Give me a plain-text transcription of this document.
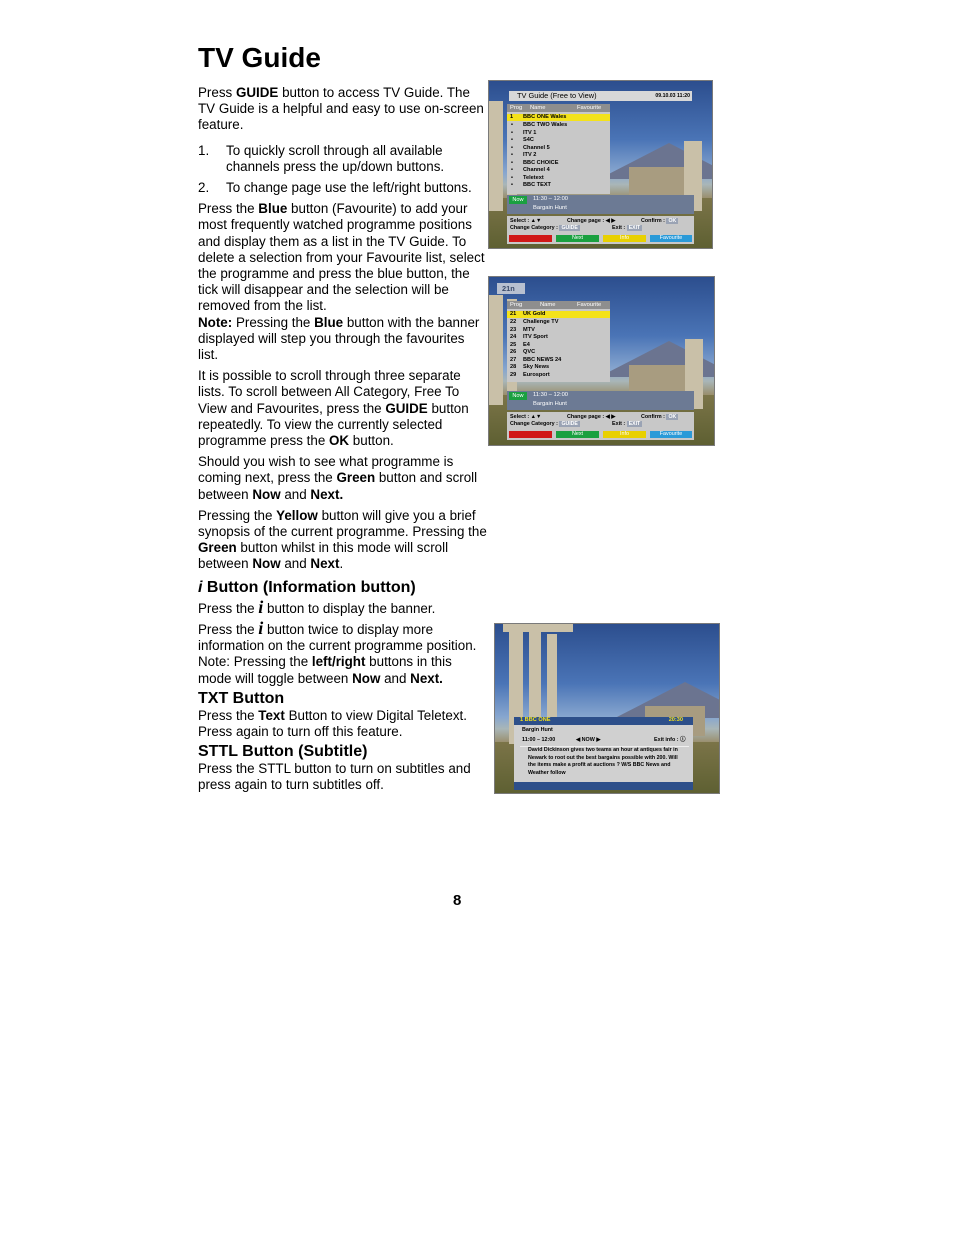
TV Guide

Press GUIDE button to access TV Guide. The TV Guide is a helpful and easy to use on-screen feature.

1. To quickly scroll through all available channels press the up/down buttons.
2. To change page use the left/right buttons.

Press the Blue button (Favourite) to add your most frequently watched programme positions and display them as a list in the TV Guide. To delete a selection from your Favourite list, select the programme and press the blue button, the tick will disappear and the selection will be removed from the list.
Note: Pressing the Blue button with the banner displayed will step you through the favourites list.

It is possible to scroll through three separate lists. To scroll between All Category, Free To View and Favourites, press the GUIDE button repeatedly. To view the currently selected programme press the OK button.

Should you wish to see what programme is coming next, press the Green button and scroll between Now and Next.

Pressing the Yellow button will give you a brief synopsis of the current programme. Pressing the Green button whilst in this mode will scroll between Now and Next.

i Button (Information button)

Press the i button to display the banner.

Press the i button twice to display more information on the current programme position.

Note: Pressing the left/right buttons in this mode will toggle between Now and Next.

TXT Button

Press the Text Button to view Digital Teletext. Press again to turn off this feature.

STTL Button (Subtitle)

Press the STTL button to turn on subtitles and press again to turn subtitles off.

8
TV Guide (Free to View)	09.10.03 11:20
Prog Name	Favourite
1 BBC ONE Wales
• BBC TWO Wales
• ITV 1
• S4C
• Channel 5
• ITV 2
• BBC CHOICE
• Channel 4
• Teletext
• BBC TEXT
Now	11:30 – 12:00
Bargain Hunt
Select : ▲▼	Change page : ◀ ▶	Confirm : OK
Change Category : GUIDE	Exit : EXIT
Next	Info	Favourite
21n
Prog	Name	Favourite
21 UK Gold
22 Challenge TV
23 MTV
24 ITV Sport
25 E4
26 QVC
27 BBC NEWS 24
28 Sky News
29 Eurosport
Now	11:30 – 12:00
Bargain Hunt
Select : ▲▼	Change page : ◀ ▶	Confirm : OK
Change Category : GUIDE	Exit : EXIT
Next	Info	Favourite
1 BBC ONE	20:30
Bargin Hunt
11:00 – 12:00	◀ NOW ▶	Exit info : ⓘ
David Dickinson gives two teams an hour at antiques fair in Newark to root out the best bargains possible with 200. Will the items make a profit at auctions ? W/S BBC News and Weather follow
